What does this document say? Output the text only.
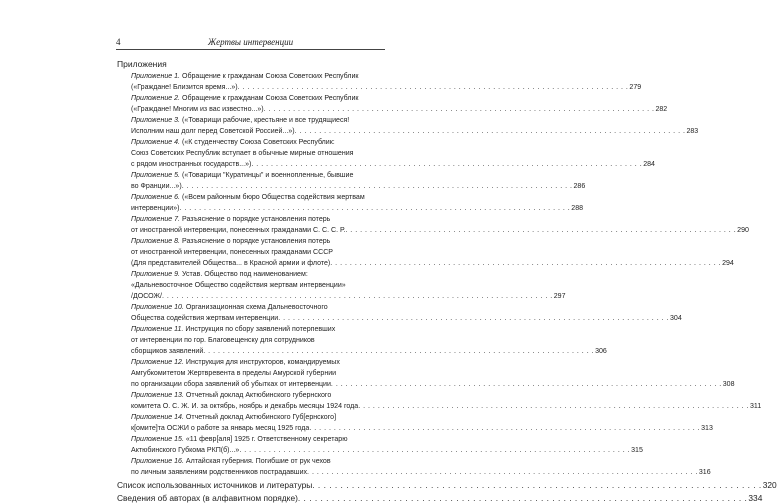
4	Жертвы интервенции
Приложения
Приложение 1. Обращение к гражданам Союза Советских Республик
(«Граждане! Близится время...») . . . . . . . . . . . . . . . . . . . . . . . . . . . . . . . . . . . . . . . . . . . . . . . . . . . . . . . . . . . . . . . . . . . . . . . . . . . . . . . . 279
Приложение 2. Обращение к гражданам Союза Советских Республик
(«Граждане! Многим из вас известно...») . . . . . . . . . . . . . . . . . . . . . . . . . . . . . . . . . . . . . . . . . . . . . . . . . . . . . . . . . . . . . . . . . . . . . . . . . . . . . . . . 282
Приложение 3. («Товарищи рабочие, крестьяне и все трудящиеся!
Исполним наш долг перед Советской Россией...») . . . . . . . . . . . . . . . . . . . . . . . . . . . . . . . . . . . . . . . . . . . . . . . . . . . . . . . . . . . . . . . . . . . . . . . . . . . . . . . . 283
Приложение 4. («К студенчеству Союза Советских Республик:
Союз Советских Республик вступает в обычные мирные отношения
с рядом иностранных государств...») . . . . . . . . . . . . . . . . . . . . . . . . . . . . . . . . . . . . . . . . . . . . . . . . . . . . . . . . . . . . . . . . . . . . . . . . . . . . . . . . 284
Приложение 5. («Товарищи "Куратинцы" и военнопленные, бывшие
во Франции...») . . . . . . . . . . . . . . . . . . . . . . . . . . . . . . . . . . . . . . . . . . . . . . . . . . . . . . . . . . . . . . . . . . . . . . . . . . . . . . . . 286
Приложение 6. («Всем районным бюро Общества содействия жертвам
интервенции») . . . . . . . . . . . . . . . . . . . . . . . . . . . . . . . . . . . . . . . . . . . . . . . . . . . . . . . . . . . . . . . . . . . . . . . . . . . . . . . . 288
Приложение 7. Разъяснение о порядке установления потерь
от иностранной интервенции, понесенных гражданами С. С. С. Р. . . . . . . . . . . . . . . . . . . . . . . . . . . . . . . . . . . . . . . . . . . . . . . . . . . . . . . . . . . . . . . . . . . . . . . . . . . . . . . . . 290
Приложение 8. Разъяснение о порядке установления потерь
от иностранной интервенции, понесенных гражданами СССР
(Для представителей Общества... в Красной армии и флоте) . . . . . . . . . . . . . . . . . . . . . . . . . . . . . . . . . . . . . . . . . . . . . . . . . . . . . . . . . . . . . . . . . . . . . . . . . . . . . . . . 294
Приложение 9. Устав. Общество под наименованием:
«Дальневосточное Общество содействия жертвам интервенции»
/ДОСОЖ/ . . . . . . . . . . . . . . . . . . . . . . . . . . . . . . . . . . . . . . . . . . . . . . . . . . . . . . . . . . . . . . . . . . . . . . . . . . . . . . . . 297
Приложение 10. Организационная схема Дальневосточного
Общества содействия жертвам интервенции . . . . . . . . . . . . . . . . . . . . . . . . . . . . . . . . . . . . . . . . . . . . . . . . . . . . . . . . . . . . . . . . . . . . . . . . . . . . . . . . 304
Приложение 11. Инструкция по сбору заявлений потерпевших
от интервенции по гор. Благовещенску для сотрудников
сборщиков заявлений . . . . . . . . . . . . . . . . . . . . . . . . . . . . . . . . . . . . . . . . . . . . . . . . . . . . . . . . . . . . . . . . . . . . . . . . . . . . . . . . 306
Приложение 12. Инструкция для инструкторов, командируемых
Амгубкомитетом Жертвревента в пределы Амурской губернии
по организации сбора заявлений об убытках от интервенции . . . . . . . . . . . . . . . . . . . . . . . . . . . . . . . . . . . . . . . . . . . . . . . . . . . . . . . . . . . . . . . . . . . . . . . . . . . . . . . . 308
Приложение 13. Отчетный доклад Актюбинского губернского
комитета О. С. Ж. И. за октябрь, ноябрь и декабрь месяцы 1924 года . . . . . . . . . . . . . . . . . . . . . . . . . . . . . . . . . . . . . . . . . . . . . . . . . . . . . . . . . . . . . . . . . . . . . . . . . . . . . . . . 311
Приложение 14. Отчетный доклад Актюбинского Губ[ернского]
к[омите]та ОСЖИ о работе за январь месяц 1925 года . . . . . . . . . . . . . . . . . . . . . . . . . . . . . . . . . . . . . . . . . . . . . . . . . . . . . . . . . . . . . . . . . . . . . . . . . . . . . . . . 313
Приложение 15. «11 февр[аля] 1925 г. Ответственному секретарю
Актюбинского Губкома РКП(б)...» . . . . . . . . . . . . . . . . . . . . . . . . . . . . . . . . . . . . . . . . . . . . . . . . . . . . . . . . . . . . . . . . . . . . . . . . . . . . . . . . 315
Приложение 16. Алтайская губерния. Погибшие от рук чехов
по личным заявлениям родственников пострадавших . . . . . . . . . . . . . . . . . . . . . . . . . . . . . . . . . . . . . . . . . . . . . . . . . . . . . . . . . . . . . . . . . . . . . . . . . . . . . . . . 316
Список использованных источников и литературы . . . . . . . . . . . . . . . . . . . . . . . . . . . . . . . . . . . . . . . . . . . . . . . . . . . . . . . . . . . . . . . . . . . . . . . . . . . . . . . . 320
Сведения об авторах (в алфавитном порядке) . . . . . . . . . . . . . . . . . . . . . . . . . . . . . . . . . . . . . . . . . . . . . . . . . . . . . . . . . . . . . . . . . . . . . . . . . . . . . . . . 334
